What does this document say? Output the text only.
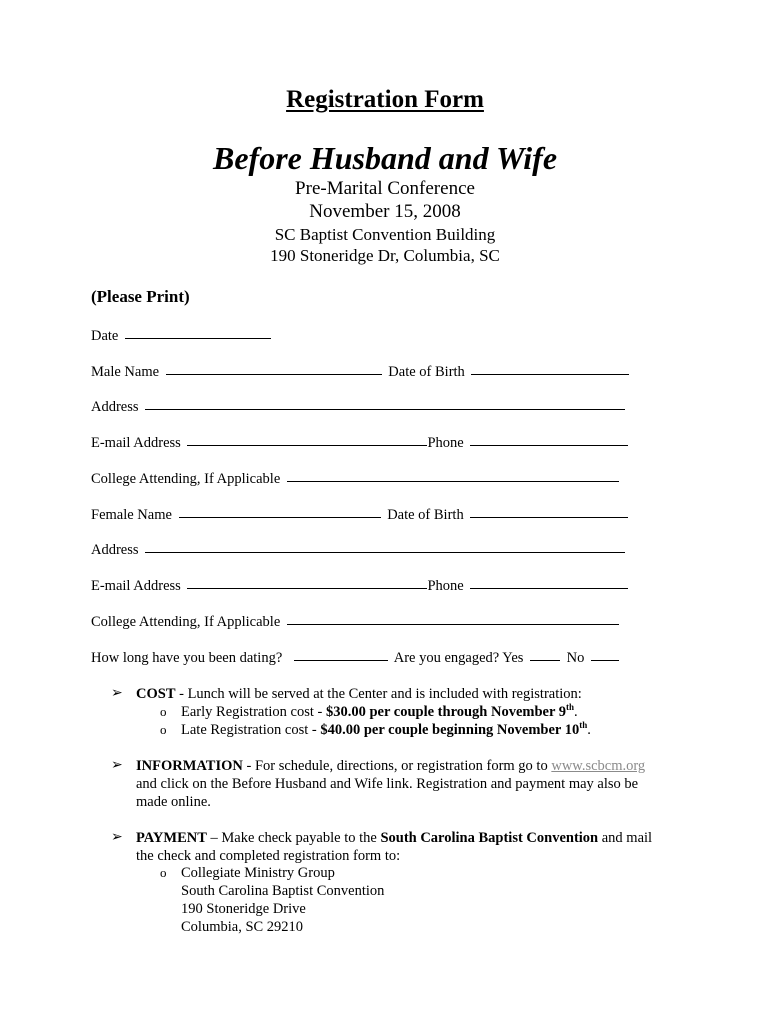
Registration Form
Before Husband and Wife
Pre-Marital Conference
November 15, 2008
SC Baptist Convention Building
190 Stoneridge Dr, Columbia, SC
(Please Print)
Date
Male Name	Date of Birth
Address
E-mail Address	Phone
College Attending, If Applicable
Female Name	Date of Birth
Address
E-mail Address	Phone
College Attending, If Applicable
How long have you been dating?	Are you engaged? Yes	No
➢ COST - Lunch will be served at the Center and is included with registration:
o Early Registration cost - $30.00 per couple through November 9th.
o Late Registration cost - $40.00 per couple beginning November 10th.
➢ INFORMATION - For schedule, directions, or registration form go to www.scbcm.org
and click on the Before Husband and Wife link. Registration and payment may also be
made online.
➢ PAYMENT – Make check payable to the South Carolina Baptist Convention and mail
the check and completed registration form to:
o Collegiate Ministry Group
South Carolina Baptist Convention
190 Stoneridge Drive
Columbia, SC 29210
